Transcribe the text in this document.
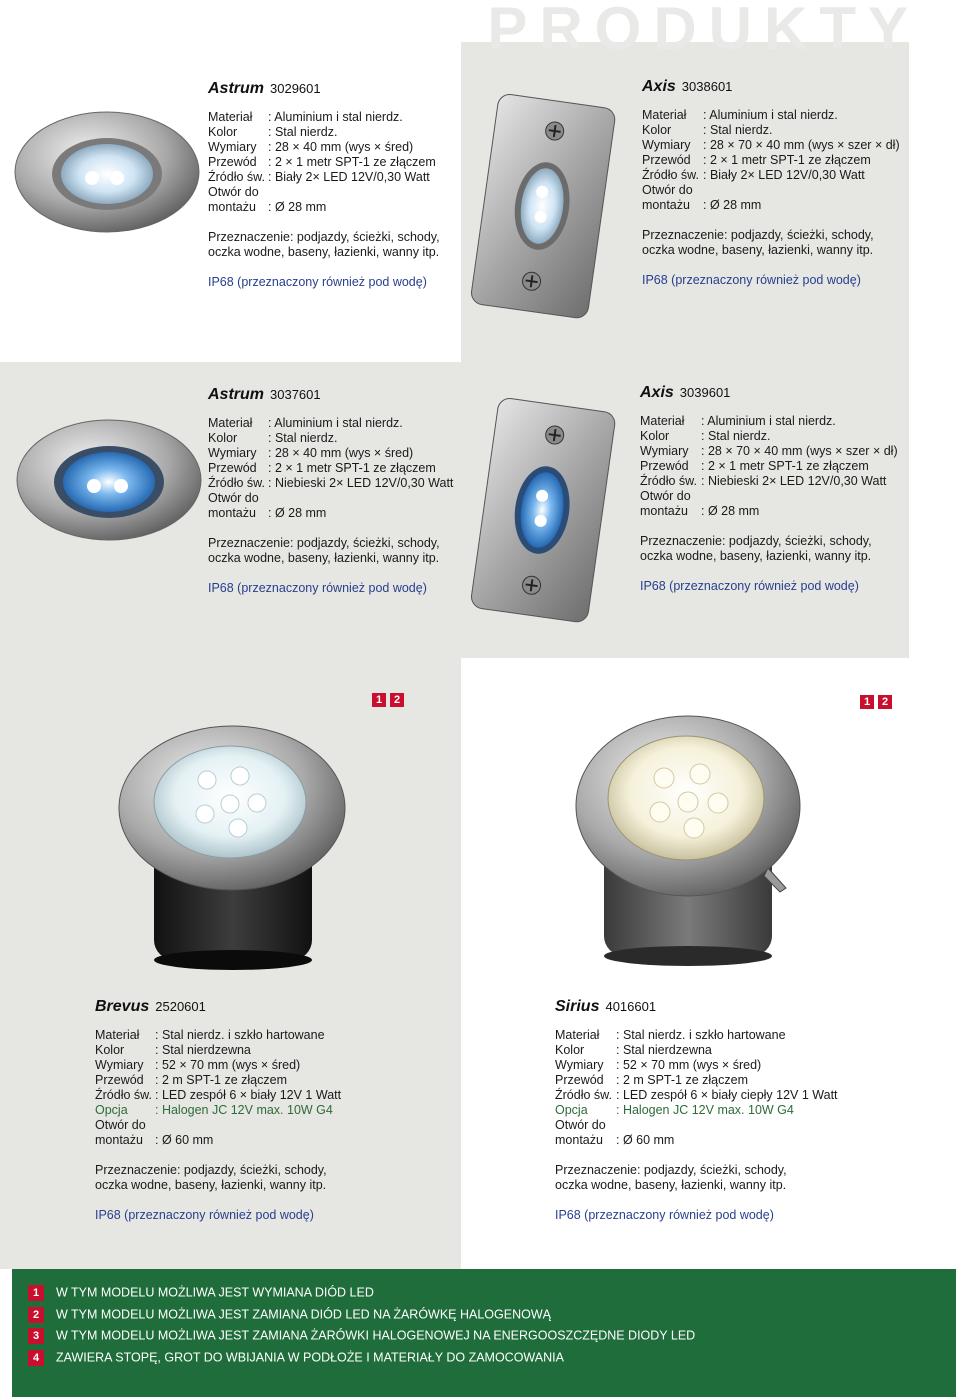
PRODUKTY
1 2	1 2
Astrum 3029601
Materiał	: Aluminium i stal nierdz.
Kolor	: Stal nierdz.
Wymiary : 28 × 40 mm (wys × śred)
Przewód : 2 × 1 metr SPT-1 ze złączem
Źródło św. : Biały 2× LED 12V/0,30 Watt
Otwór do
montażu : Ø 28 mm
Przeznaczenie: podjazdy, ścieżki, schody, oczka wodne, baseny, łazienki, wanny itp.
IP68 (przeznaczony również pod wodę)
Axis 3038601
Materiał	: Aluminium i stal nierdz.
Kolor	: Stal nierdz.
Wymiary	: 28 × 70 × 40 mm (wys × szer × dł)
Przewód : 2 × 1 metr SPT-1 ze złączem
Źródło św. : Biały 2× LED 12V/0,30 Watt
Otwór do
montażu	: Ø 28 mm
Przeznaczenie: podjazdy, ścieżki, schody, oczka wodne, baseny, łazienki, wanny itp.
IP68 (przeznaczony również pod wodę)
Astrum 3037601
Materiał	: Aluminium i stal nierdz.
Kolor	: Stal nierdz.
Wymiary : 28 × 40 mm (wys × śred)
Przewód : 2 × 1 metr SPT-1 ze złączem
Źródło św. : Niebieski 2× LED 12V/0,30 Watt
Otwór do
montażu : Ø 28 mm
Przeznaczenie: podjazdy, ścieżki, schody, oczka wodne, baseny, łazienki, wanny itp.
IP68 (przeznaczony również pod wodę)
Axis 3039601
Materiał	: Aluminium i stal nierdz.
Kolor	: Stal nierdz.
Wymiary	: 28 × 70 × 40 mm (wys × szer × dł)
Przewód : 2 × 1 metr SPT-1 ze złączem
Źródło św. : Niebieski 2× LED 12V/0,30 Watt
Otwór do
montażu	: Ø 28 mm
Przeznaczenie: podjazdy, ścieżki, schody, oczka wodne, baseny, łazienki, wanny itp.
IP68 (przeznaczony również pod wodę)
Brevus 2520601
Materiał	: Stal nierdz. i szkło hartowane
Kolor	: Stal nierdzewna
Wymiary : 52 × 70 mm (wys × śred)
Przewód : 2 m SPT-1 ze złączem
Źródło św. : LED zespół 6 × biały 12V 1 Watt
Opcja	: Halogen JC 12V max. 10W G4
Otwór do
montażu : Ø 60 mm
Przeznaczenie: podjazdy, ścieżki, schody, oczka wodne, baseny, łazienki, wanny itp.
IP68 (przeznaczony również pod wodę)
Sirius 4016601
Materiał	: Stal nierdz. i szkło hartowane
Kolor	: Stal nierdzewna
Wymiary	: 52 × 70 mm (wys × śred)
Przewód : 2 m SPT-1 ze złączem
Źródło św. : LED zespół 6 × biały ciepły 12V 1 Watt
Opcja	: Halogen JC 12V max. 10W G4
Otwór do
montażu	: Ø 60 mm
Przeznaczenie: podjazdy, ścieżki, schody, oczka wodne, baseny, łazienki, wanny itp.
IP68 (przeznaczony również pod wodę)
1 W TYM MODELU MOŻLIWA JEST WYMIANA DIÓD LED
2 W TYM MODELU MOŻLIWA JEST ZAMIANA DIÓD LED NA ŻARÓWKĘ HALOGENOWĄ
3 W TYM MODELU MOŻLIWA JEST ZAMIANA ŻARÓWKI HALOGENOWEJ NA ENERGOOSZCZĘDNE DIODY LED
4 ZAWIERA STOPĘ, GROT DO WBIJANIA W PODŁOŻE I MATERIAŁY DO ZAMOCOWANIA
